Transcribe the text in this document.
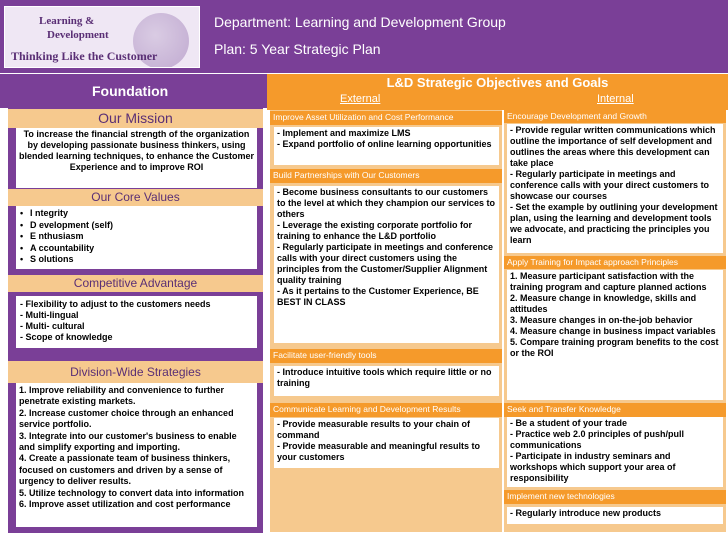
Learning &
Development
Thinking Like the Customer
Department: Learning and Development Group
Plan: 5 Year Strategic Plan
Foundation
Our Mission
To increase the financial strength of the organization by developing passionate business thinkers, using blended learning techniques, to enhance the Customer Experience and to improve ROI
Our Core Values
• I ntegrity
• D evelopment (self)
• E nthusiasm
• A ccountability
• S olutions
Competitive Advantage
- Flexibility to adjust to the customers needs
- Multi-lingual
- Multi- cultural
- Scope of knowledge
Division-Wide Strategies
1. Improve reliability and convenience to further penetrate existing markets.
2. Increase customer choice through an enhanced service portfolio.
3. Integrate into our customer's business to enable and simplify exporting and importing.
4. Create a passionate team of business thinkers, focused on customers and driven by a sense of urgency to deliver results.
5. Utilize technology to convert data into information
6. Improve asset utilization and cost performance
L&D Strategic Objectives and Goals
External	Internal
Improve Asset Utilization and Cost Performance

- Implement and maximize LMS
- Expand portfolio of online learning opportunities

Build Partnerships with Our Customers

- Become business consultants to our customers to the level at which they champion our services to others
- Leverage the existing corporate portfolio for training to enhance the L&D portfolio
- Regularly participate in meetings and conference calls with your direct customers using the principles from the Customer/Supplier Alignment quality training
- As it pertains to the Customer Experience, BE BEST IN CLASS

Facilitate user-friendly tools

- Introduce intuitive tools which require little or no training

Communicate Learning and Development Results

- Provide measurable results to your chain of command
- Provide measurable and meaningful results to your customers

Encourage Development and Growth

- Provide regular written communications which outline the importance of self development and outlines the areas where this development can take place
- Regularly participate in meetings and conference calls with your direct customers to showcase our courses
- Set the example by outlining your development plan, using the learning and development tools we advocate, and practicing the principles you learn

Apply Training for Impact approach Principles

1. Measure participant satisfaction with the training program and capture planned actions
2. Measure change in knowledge, skills and attitudes
3. Measure changes in on-the-job behavior
4. Measure change in business impact variables
5. Compare training program benefits to the cost or the ROI

Seek and Transfer Knowledge

- Be a student of your trade
- Practice web 2.0 principles of push/pull communications
- Participate in industry seminars and workshops which support your area of responsibility

Implement new technologies

- Regularly introduce new products
